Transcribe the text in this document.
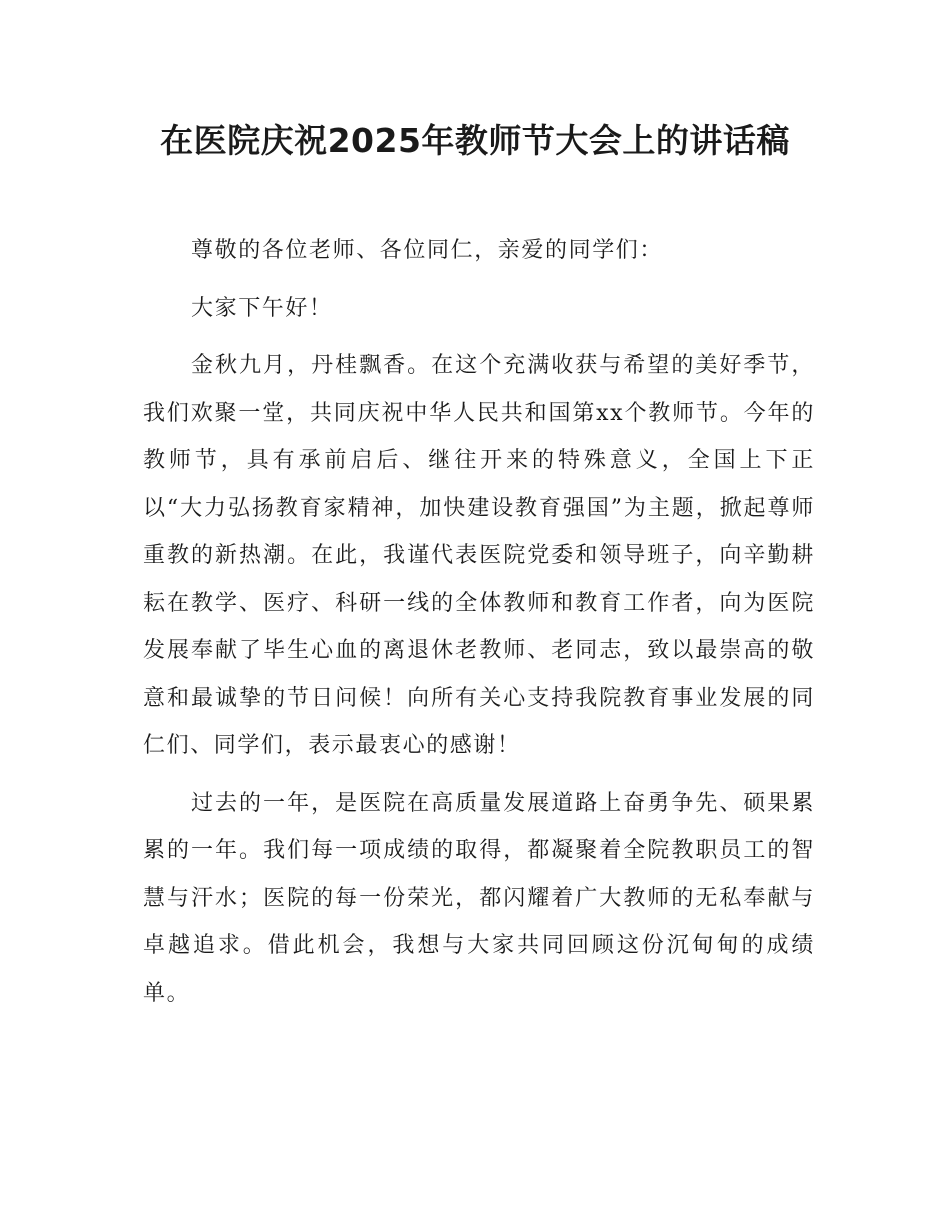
在医院庆祝2025年教师节大会上的讲话稿

尊敬的各位老师、各位同仁，亲爱的同学们：

大家下午好！

金秋九月，丹桂飘香。在这个充满收获与希望的美好季节，我们欢聚一堂，共同庆祝中华人民共和国第xx个教师节。今年的教师节，具有承前启后、继往开来的特殊意义，全国上下正以“大力弘扬教育家精神，加快建设教育强国”为主题，掀起尊师重教的新热潮。在此，我谨代表医院党委和领导班子，向辛勤耕耘在教学、医疗、科研一线的全体教师和教育工作者，向为医院发展奉献了毕生心血的离退休老教师、老同志，致以最崇高的敬意和最诚挚的节日问候！向所有关心支持我院教育事业发展的同仁们、同学们，表示最衷心的感谢！

过去的一年，是医院在高质量发展道路上奋勇争先、硕果累累的一年。我们每一项成绩的取得，都凝聚着全院教职员工的智慧与汗水；医院的每一份荣光，都闪耀着广大教师的无私奉献与卓越追求。借此机会，我想与大家共同回顾这份沉甸甸的成绩单。
